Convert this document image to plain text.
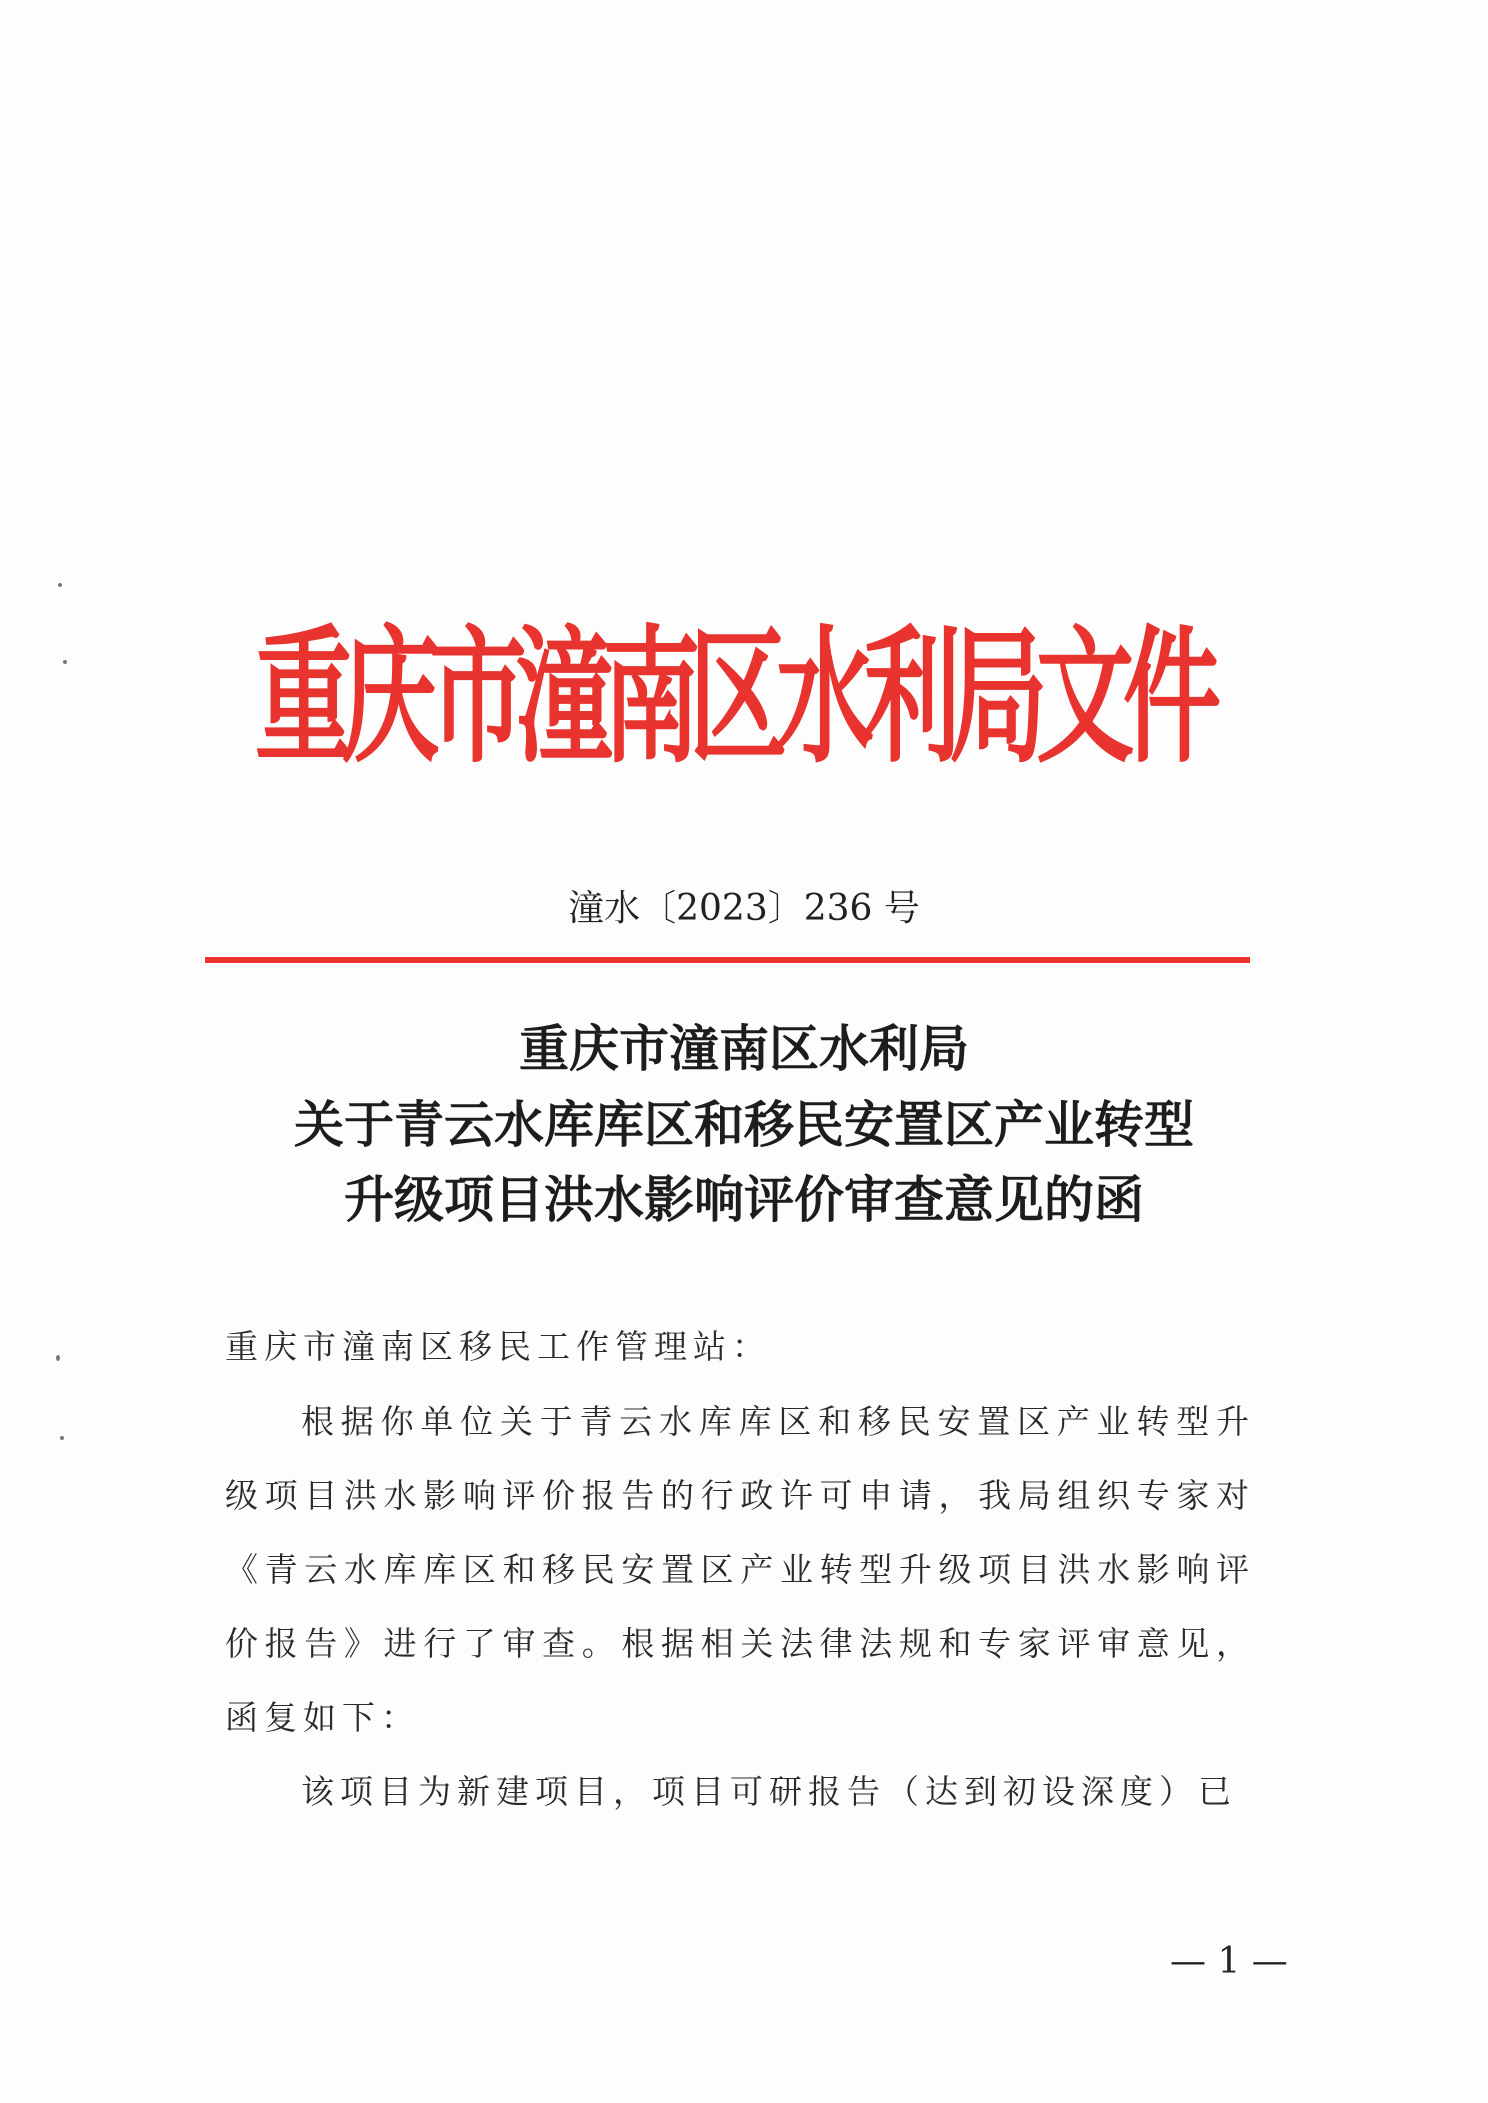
重庆市潼南区水利局文件
潼水〔2023〕236 号
重庆市潼南区水利局
关于青云水库库区和移民安置区产业转型
升级项目洪水影响评价审查意见的函
重庆市潼南区移民工作管理站：
根据你单位关于青云水库库区和移民安置区产业转型升级项目洪水影响评价报告的行政许可申请，我局组织专家对《青云水库库区和移民安置区产业转型升级项目洪水影响评价报告》进行了审查。根据相关法律法规和专家评审意见，函复如下：
该项目为新建项目，项目可研报告（达到初设深度）已
— 1 —
